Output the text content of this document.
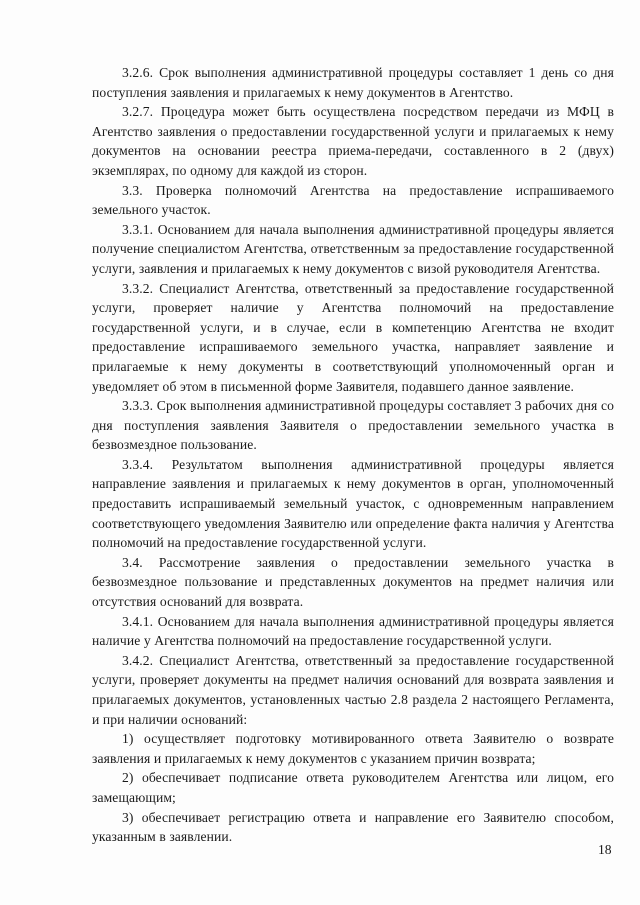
3.2.6. Срок выполнения административной процедуры составляет 1 день со дня поступления заявления и прилагаемых к нему документов в Агентство.

3.2.7. Процедура может быть осуществлена посредством передачи из МФЦ в Агентство заявления о предоставлении государственной услуги и прилагаемых к нему документов на основании реестра приема-передачи, составленного в 2 (двух) экземплярах, по одному для каждой из сторон.

3.3. Проверка полномочий Агентства на предоставление испрашиваемого земельного участок.

3.3.1. Основанием для начала выполнения административной процедуры является получение специалистом Агентства, ответственным за предоставление государственной услуги, заявления и прилагаемых к нему документов с визой руководителя Агентства.

3.3.2. Специалист Агентства, ответственный за предоставление государственной услуги, проверяет наличие у Агентства полномочий на предоставление государственной услуги, и в случае, если в компетенцию Агентства не входит предоставление испрашиваемого земельного участка, направляет заявление и прилагаемые к нему документы в соответствующий уполномоченный орган и уведомляет об этом в письменной форме Заявителя, подавшего данное заявление.

3.3.3. Срок выполнения административной процедуры составляет 3 рабочих дня со дня поступления заявления Заявителя о предоставлении земельного участка в безвозмездное пользование.

3.3.4. Результатом выполнения административной процедуры является направление заявления и прилагаемых к нему документов в орган, уполномоченный предоставить испрашиваемый земельный участок, с одновременным направлением соответствующего уведомления Заявителю или определение факта наличия у Агентства полномочий на предоставление государственной услуги.

3.4. Рассмотрение заявления о предоставлении земельного участка в безвозмездное пользование и представленных документов на предмет наличия или отсутствия оснований для возврата.

3.4.1. Основанием для начала выполнения административной процедуры является наличие у Агентства полномочий на предоставление государственной услуги.

3.4.2. Специалист Агентства, ответственный за предоставление государственной услуги, проверяет документы на предмет наличия оснований для возврата заявления и прилагаемых документов, установленных частью 2.8 раздела 2 настоящего Регламента, и при наличии оснований:

1) осуществляет подготовку мотивированного ответа Заявителю о возврате заявления и прилагаемых к нему документов с указанием причин возврата;

2) обеспечивает подписание ответа руководителем Агентства или лицом, его замещающим;

3) обеспечивает регистрацию ответа и направление его Заявителю способом, указанным в заявлении.

18
